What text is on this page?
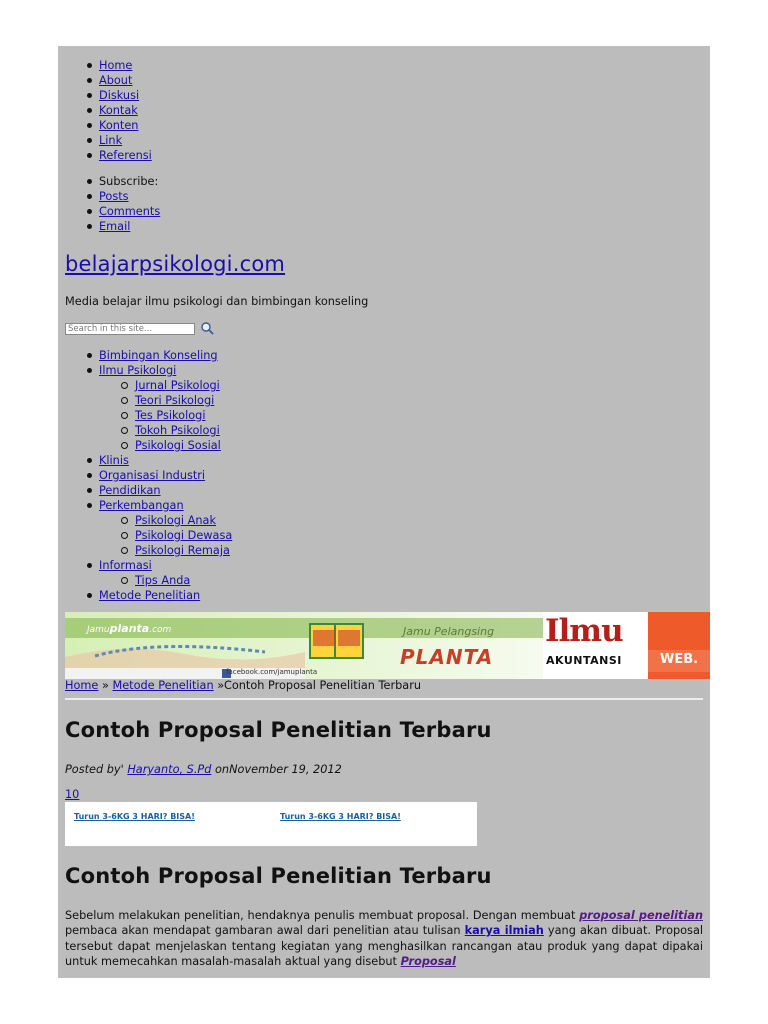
Home
About
Diskusi
Kontak
Konten
Link
Referensi
Subscribe:
Posts
Comments
Email
belajarpsikologi.com
Media belajar ilmu psikologi dan bimbingan konseling
Search in this site...
Bimbingan Konseling
Ilmu Psikologi
Jurnal Psikologi
Teori Psikologi
Tes Psikologi
Tokoh Psikologi
Psikologi Sosial
Klinis
Organisasi Industri
Pendidikan
Perkembangan
Psikologi Anak
Psikologi Dewasa
Psikologi Remaja
Informasi
Tips Anda
Metode Penelitian
Jamuplanta.com	Jamu Pelangsing
PLANTA
facebook.com/jamuplanta
Ilmu
AKUNTANSI	WEB.
Home » Metode Penelitian »Contoh Proposal Penelitian Terbaru
Contoh Proposal Penelitian Terbaru
Posted by' Haryanto, S.Pd onNovember 19, 2012
10
Turun 3-6KG 3 HARI? BISA!	Turun 3-6KG 3 HARI? BISA!
Contoh Proposal Penelitian Terbaru
Sebelum melakukan penelitian, hendaknya penulis membuat proposal. Dengan membuat proposal penelitian pembaca akan mendapat gambaran awal dari penelitian atau tulisan karya ilmiah yang akan dibuat. Proposal tersebut dapat menjelaskan tentang kegiatan yang menghasilkan rancangan atau produk yang dapat dipakai untuk memecahkan masalah-masalah aktual yang disebut Proposal
